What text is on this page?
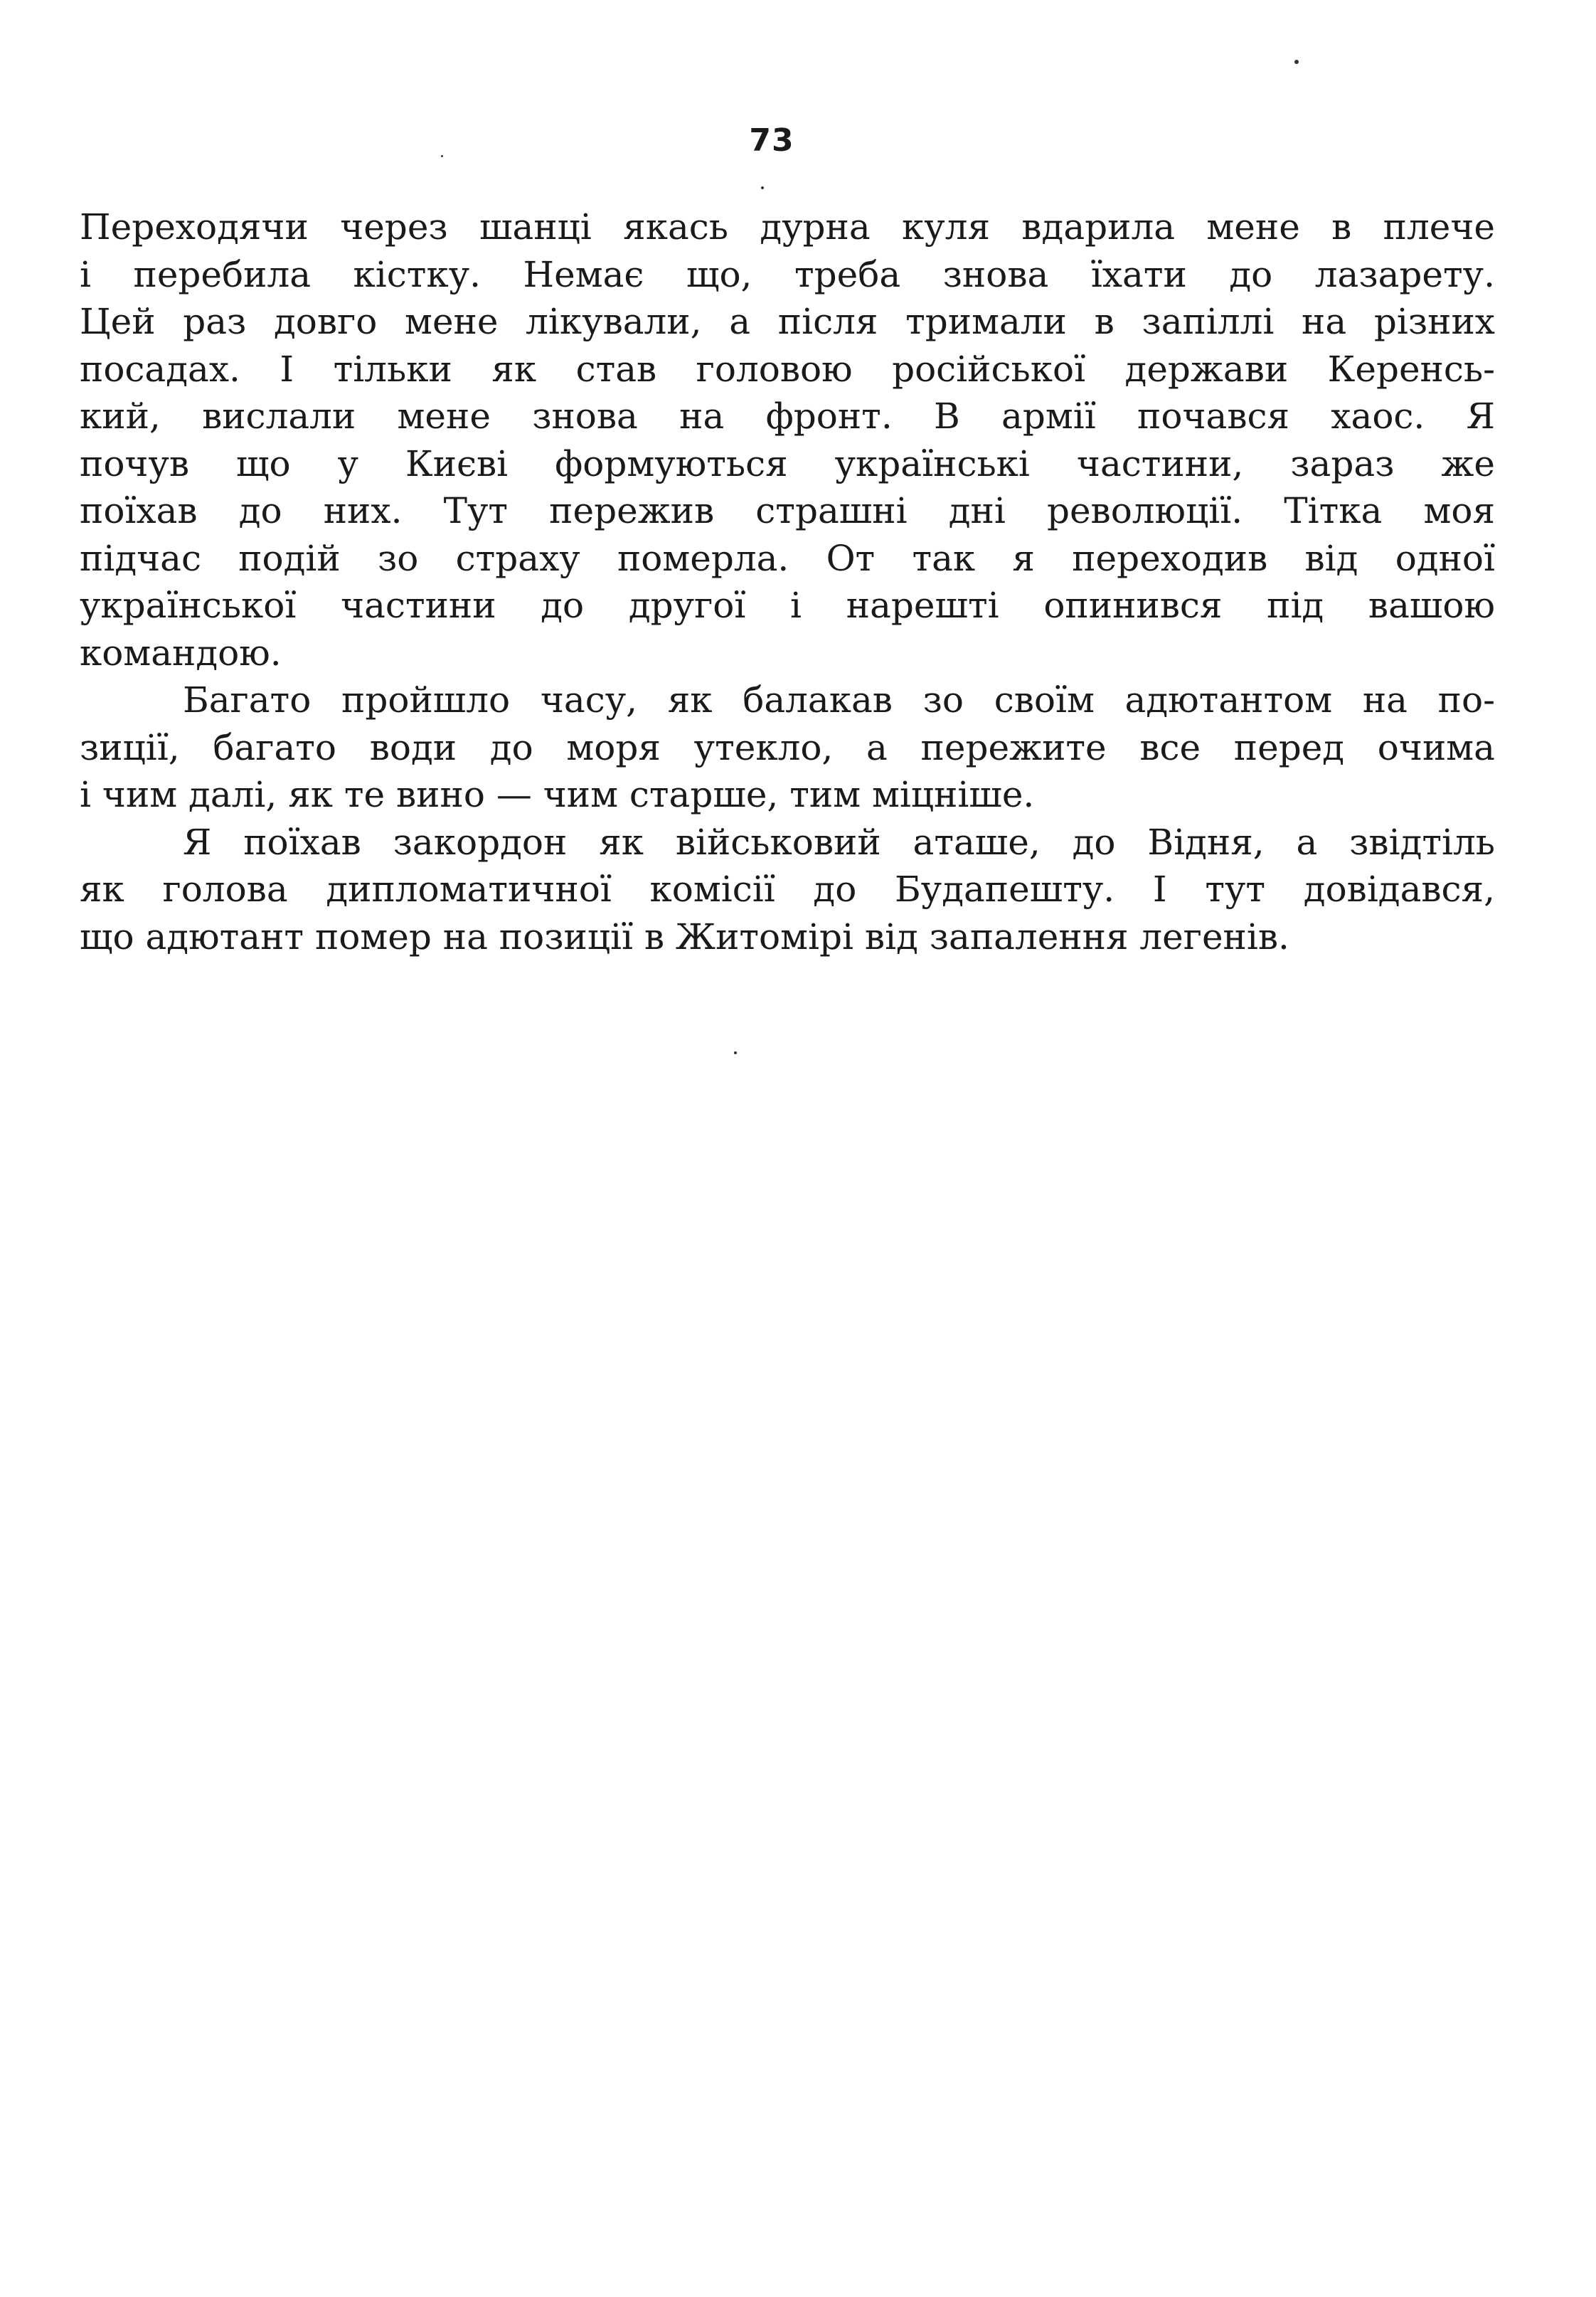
73
Переходячи через шанці якась дурна куля вдарила мене в плече
і перебила кістку. Немає що, треба знова їхати до лазарету.
Цей раз довго мене лікували, а після тримали в запіллі на різних
посадах. І тільки як став головою російської держави Керенсь-
кий, вислали мене знова на фронт. В армії почався хаос. Я
почув що у Києві формуються українські частини, зараз же
поїхав до них. Тут пережив страшні дні революції. Тітка моя
підчас подій зо страху померла. От так я переходив від одної
української частини до другої і нарешті опинився під вашою
командою.
Багато пройшло часу, як балакав зо своїм адютантом на по-
зиції, багато води до моря утекло, а пережите все перед очима
і чим далі, як те вино — чим старше, тим міцніше.
Я поїхав закордон як військовий аташе, до Відня, а звідтіль
як голова дипломатичної комісії до Будапешту. І тут довідався,
що адютант помер на позиції в Житомірі від запалення легенів.
